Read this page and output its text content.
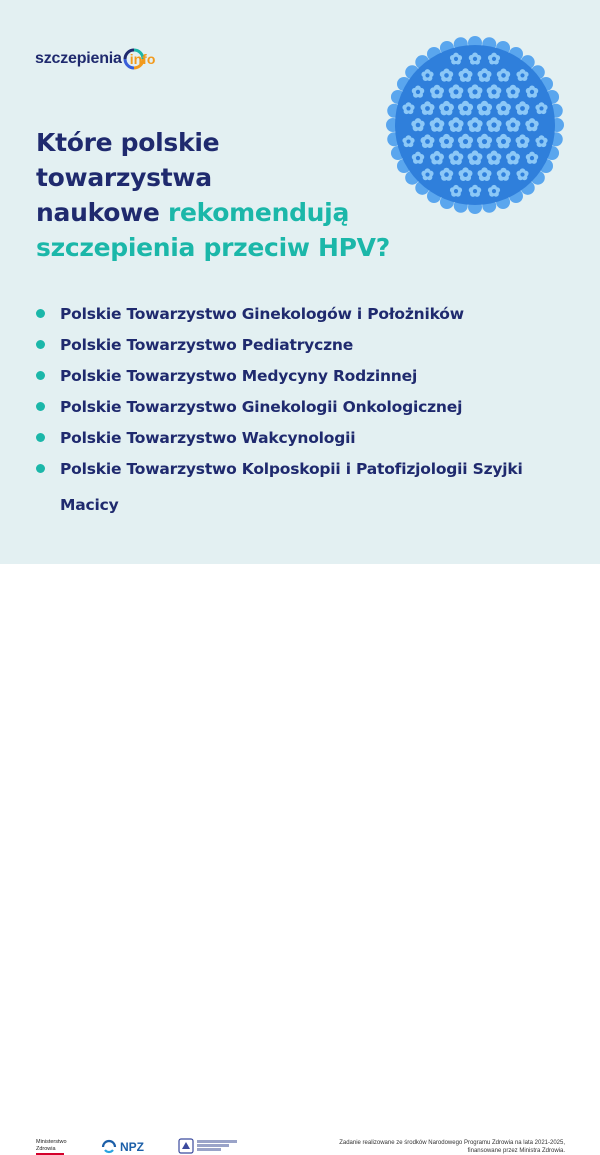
szczepienia info
Które polskie
towarzystwa
naukowe rekomendują
szczepienia przeciw HPV?
Polskie Towarzystwo Ginekologów i Położników
Polskie Towarzystwo Pediatryczne
Polskie Towarzystwo Medycyny Rodzinnej
Polskie Towarzystwo Ginekologii Onkologicznej
Polskie Towarzystwo Wakcynologii
Polskie Towarzystwo Kolposkopii i Patofizjologii Szyjki Macicy
Ministerstwo
Zdrowia	NPZ	Zadanie realizowane ze środków Narodowego Programu Zdrowia na lata 2021-2025,
finansowane przez Ministra Zdrowia.
